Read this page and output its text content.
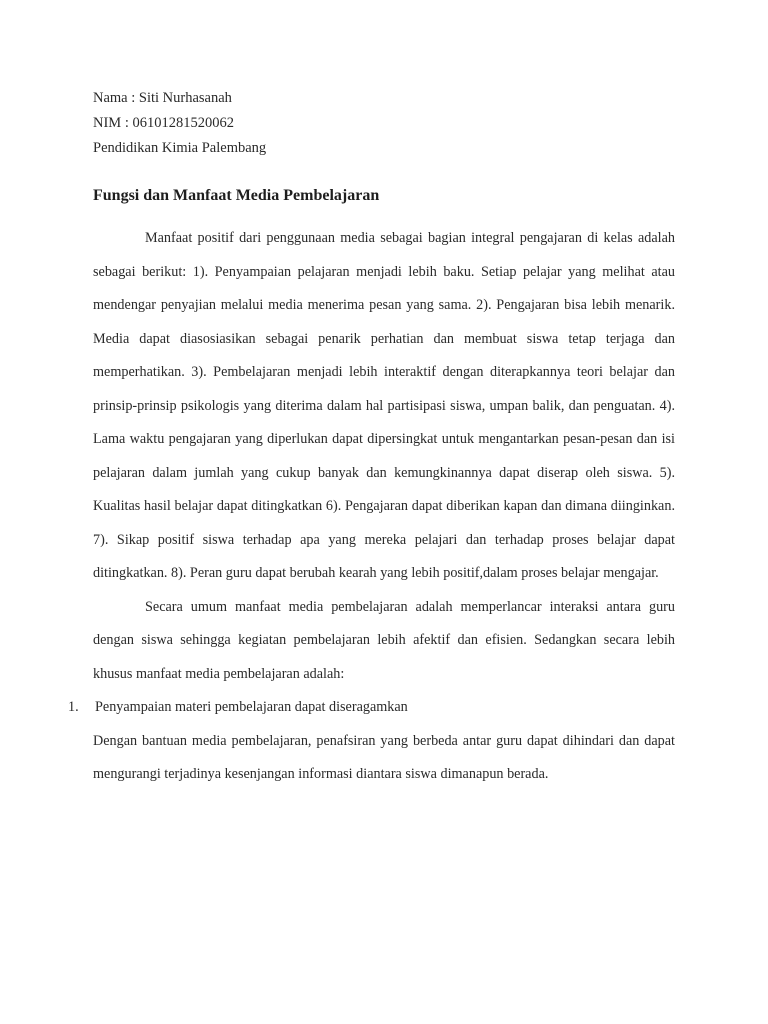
Nama : Siti Nurhasanah
NIM : 06101281520062
Pendidikan Kimia Palembang
Fungsi dan Manfaat Media Pembelajaran

Manfaat positif dari penggunaan media sebagai bagian integral pengajaran di kelas adalah sebagai berikut: 1). Penyampaian pelajaran menjadi lebih baku. Setiap pelajar yang melihat atau mendengar penyajian melalui media menerima pesan yang sama. 2). Pengajaran bisa lebih menarik. Media dapat diasosiasikan sebagai penarik perhatian dan membuat siswa tetap terjaga dan memperhatikan. 3). Pembelajaran menjadi lebih interaktif dengan diterapkannya teori belajar dan prinsip-prinsip psikologis yang diterima dalam hal partisipasi siswa, umpan balik, dan penguatan. 4). Lama waktu pengajaran yang diperlukan dapat dipersingkat untuk mengantarkan pesan-pesan dan isi pelajaran dalam jumlah yang cukup banyak dan kemungkinannya dapat diserap oleh siswa. 5). Kualitas hasil belajar dapat ditingkatkan 6). Pengajaran dapat diberikan kapan dan dimana diinginkan. 7). Sikap positif siswa terhadap apa yang mereka pelajari dan terhadap proses belajar dapat ditingkatkan. 8). Peran guru dapat berubah kearah yang lebih positif,dalam proses belajar mengajar.

Secara umum manfaat media pembelajaran adalah memperlancar interaksi antara guru dengan siswa sehingga kegiatan pembelajaran lebih afektif dan efisien. Sedangkan secara lebih khusus manfaat media pembelajaran adalah:

1. Penyampaian materi pembelajaran dapat diseragamkan

Dengan bantuan media pembelajaran, penafsiran yang berbeda antar guru dapat dihindari dan dapat mengurangi terjadinya kesenjangan informasi diantara siswa dimanapun berada.
